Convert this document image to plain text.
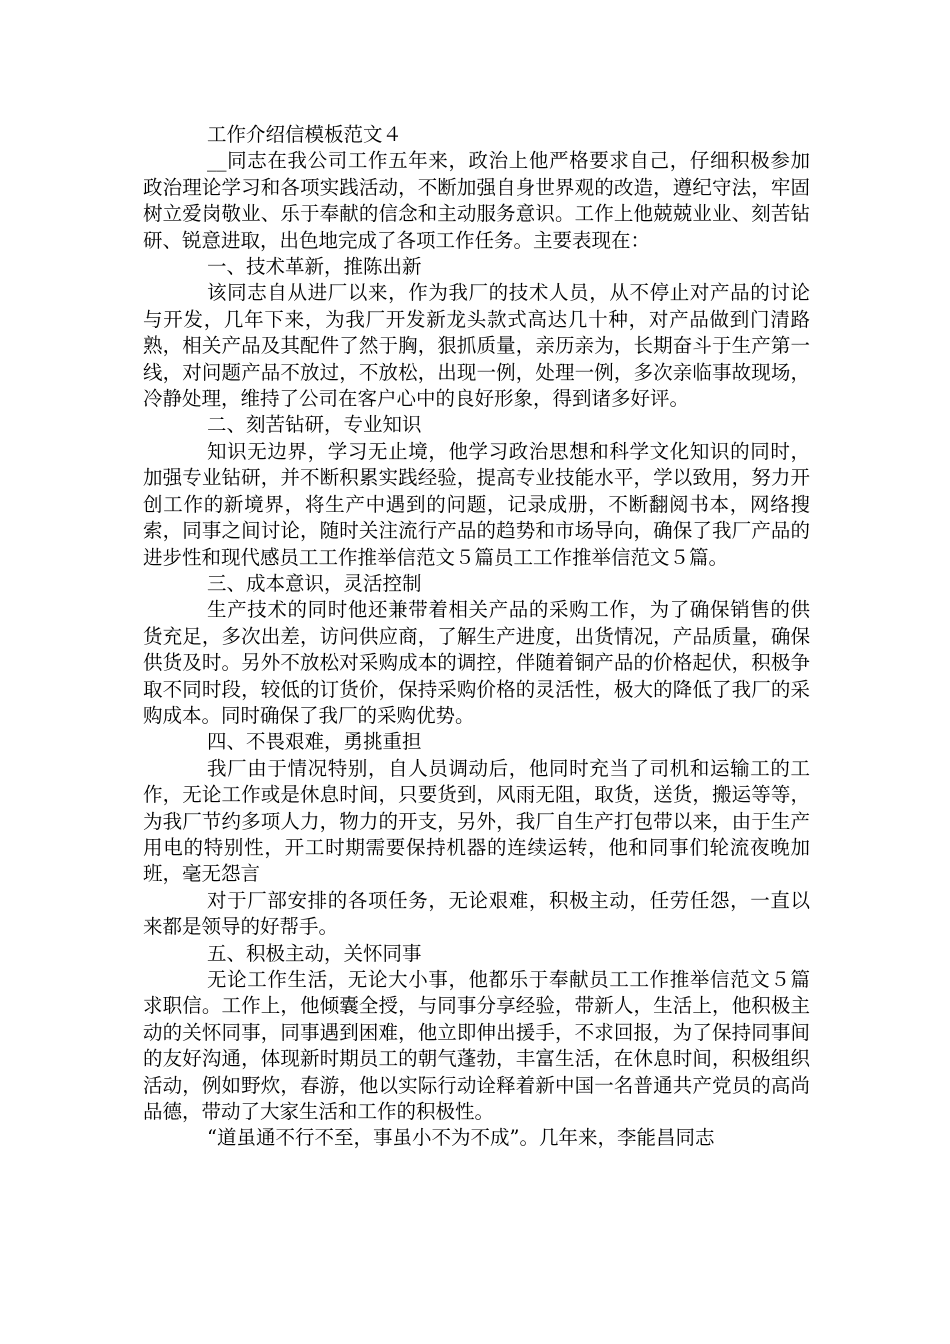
工作介绍信模板范文４

__同志在我公司工作五年来，政治上他严格要求自己，仔细积极参加政治理论学习和各项实践活动，不断加强自身世界观的改造，遵纪守法，牢固树立爱岗敬业、乐于奉献的信念和主动服务意识。工作上他兢兢业业、刻苦钻研、锐意进取，出色地完成了各项工作任务。主要表现在：

一、技术革新，推陈出新

该同志自从进厂以来，作为我厂的技术人员，从不停止对产品的讨论与开发，几年下来，为我厂开发新龙头款式高达几十种，对产品做到门清路熟，相关产品及其配件了然于胸，狠抓质量，亲历亲为，长期奋斗于生产第一线，对问题产品不放过，不放松，出现一例，处理一例，多次亲临事故现场，冷静处理，维持了公司在客户心中的良好形象，得到诸多好评。

二、刻苦钻研，专业知识

知识无边界，学习无止境，他学习政治思想和科学文化知识的同时，加强专业钻研，并不断积累实践经验，提高专业技能水平，学以致用，努力开创工作的新境界，将生产中遇到的问题，记录成册，不断翻阅书本，网络搜索，同事之间讨论，随时关注流行产品的趋势和市场导向，确保了我厂产品的进步性和现代感员工工作推举信范文５篇员工工作推举信范文５篇。

三、成本意识，灵活控制

生产技术的同时他还兼带着相关产品的采购工作，为了确保销售的供货充足，多次出差，访问供应商，了解生产进度，出货情况，产品质量，确保供货及时。另外不放松对采购成本的调控，伴随着铜产品的价格起伏，积极争取不同时段，较低的订货价，保持采购价格的灵活性，极大的降低了我厂的采购成本。同时确保了我厂的采购优势。

四、不畏艰难，勇挑重担

我厂由于情况特别，自人员调动后，他同时充当了司机和运输工的工作，无论工作或是休息时间，只要货到，风雨无阻，取货，送货，搬运等等，为我厂节约多项人力，物力的开支，另外，我厂自生产打包带以来，由于生产用电的特别性，开工时期需要保持机器的连续运转，他和同事们轮流夜晚加班，毫无怨言

对于厂部安排的各项任务，无论艰难，积极主动，任劳任怨，一直以来都是领导的好帮手。

五、积极主动，关怀同事

无论工作生活，无论大小事，他都乐于奉献员工工作推举信范文５篇求职信。工作上，他倾囊全授，与同事分享经验，带新人，生活上，他积极主动的关怀同事，同事遇到困难，他立即伸出援手，不求回报，为了保持同事间的友好沟通，体现新时期员工的朝气蓬勃，丰富生活，在休息时间，积极组织活动，例如野炊，春游，他以实际行动诠释着新中国一名普通共产党员的高尚品德，带动了大家生活和工作的积极性。

“道虽通不行不至，事虽小不为不成”。几年来，李能昌同志
